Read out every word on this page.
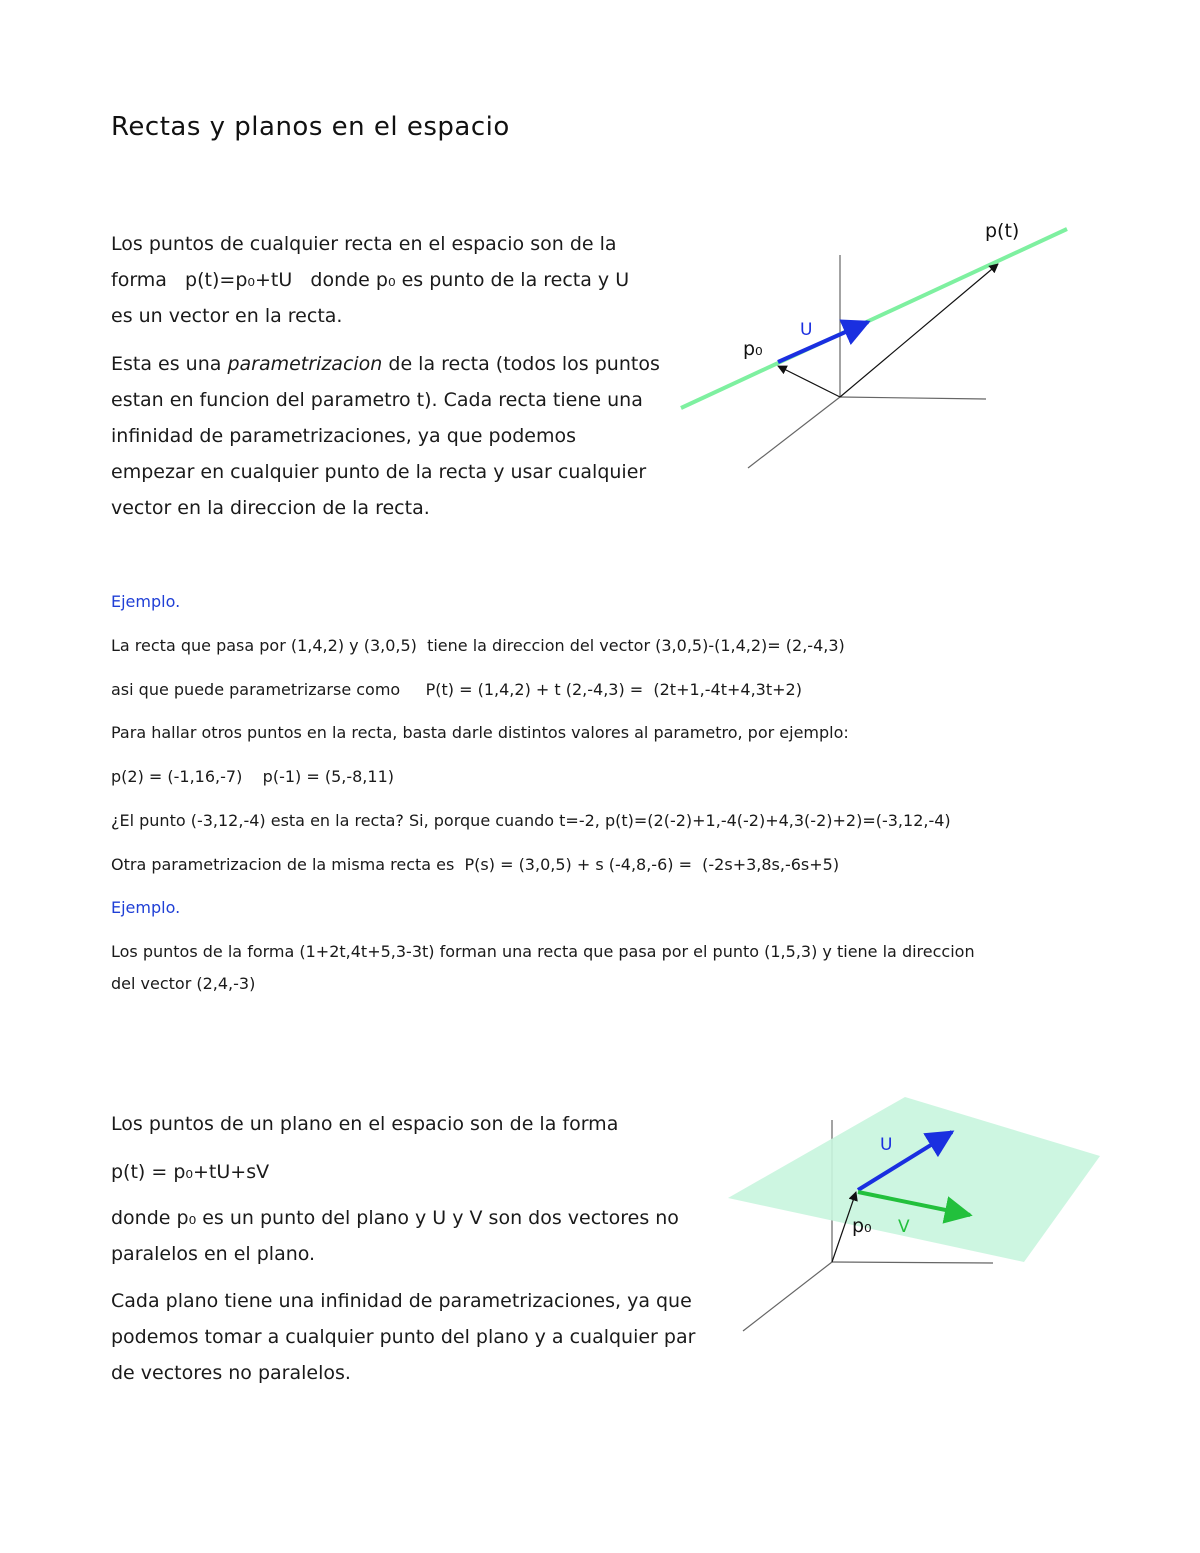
Rectas y planos en el espacio
Los puntos de cualquier recta en el espacio son de la
forma   p(t)=p₀+tU   donde p₀ es punto de la recta y U
es un vector en la recta.
Esta es una parametrizacion de la recta (todos los puntos
estan en funcion del parametro t). Cada recta tiene una
infinidad de parametrizaciones, ya que podemos
empezar en cualquier punto de la recta y usar cualquier
vector en la direccion de la recta.
p(t)
U
p₀
Ejemplo.
La recta que pasa por (1,4,2) y (3,0,5)  tiene la direccion del vector (3,0,5)-(1,4,2)= (2,-4,3)
asi que puede parametrizarse como     P(t) = (1,4,2) + t (2,-4,3) =  (2t+1,-4t+4,3t+2)
Para hallar otros puntos en la recta, basta darle distintos valores al parametro, por ejemplo:
p(2) = (-1,16,-7)    p(-1) = (5,-8,11)
¿El punto (-3,12,-4) esta en la recta? Si, porque cuando t=-2, p(t)=(2(-2)+1,-4(-2)+4,3(-2)+2)=(-3,12,-4)
Otra parametrizacion de la misma recta es  P(s) = (3,0,5) + s (-4,8,-6) =  (-2s+3,8s,-6s+5)
Ejemplo.
Los puntos de la forma (1+2t,4t+5,3-3t) forman una recta que pasa por el punto (1,5,3) y tiene la direccion
del vector (2,4,-3)
Los puntos de un plano en el espacio son de la forma
p(t) = p₀+tU+sV
donde p₀ es un punto del plano y U y V son dos vectores no
paralelos en el plano.
Cada plano tiene una infinidad de parametrizaciones, ya que
podemos tomar a cualquier punto del plano y a cualquier par
de vectores no paralelos.
U
V
p₀
